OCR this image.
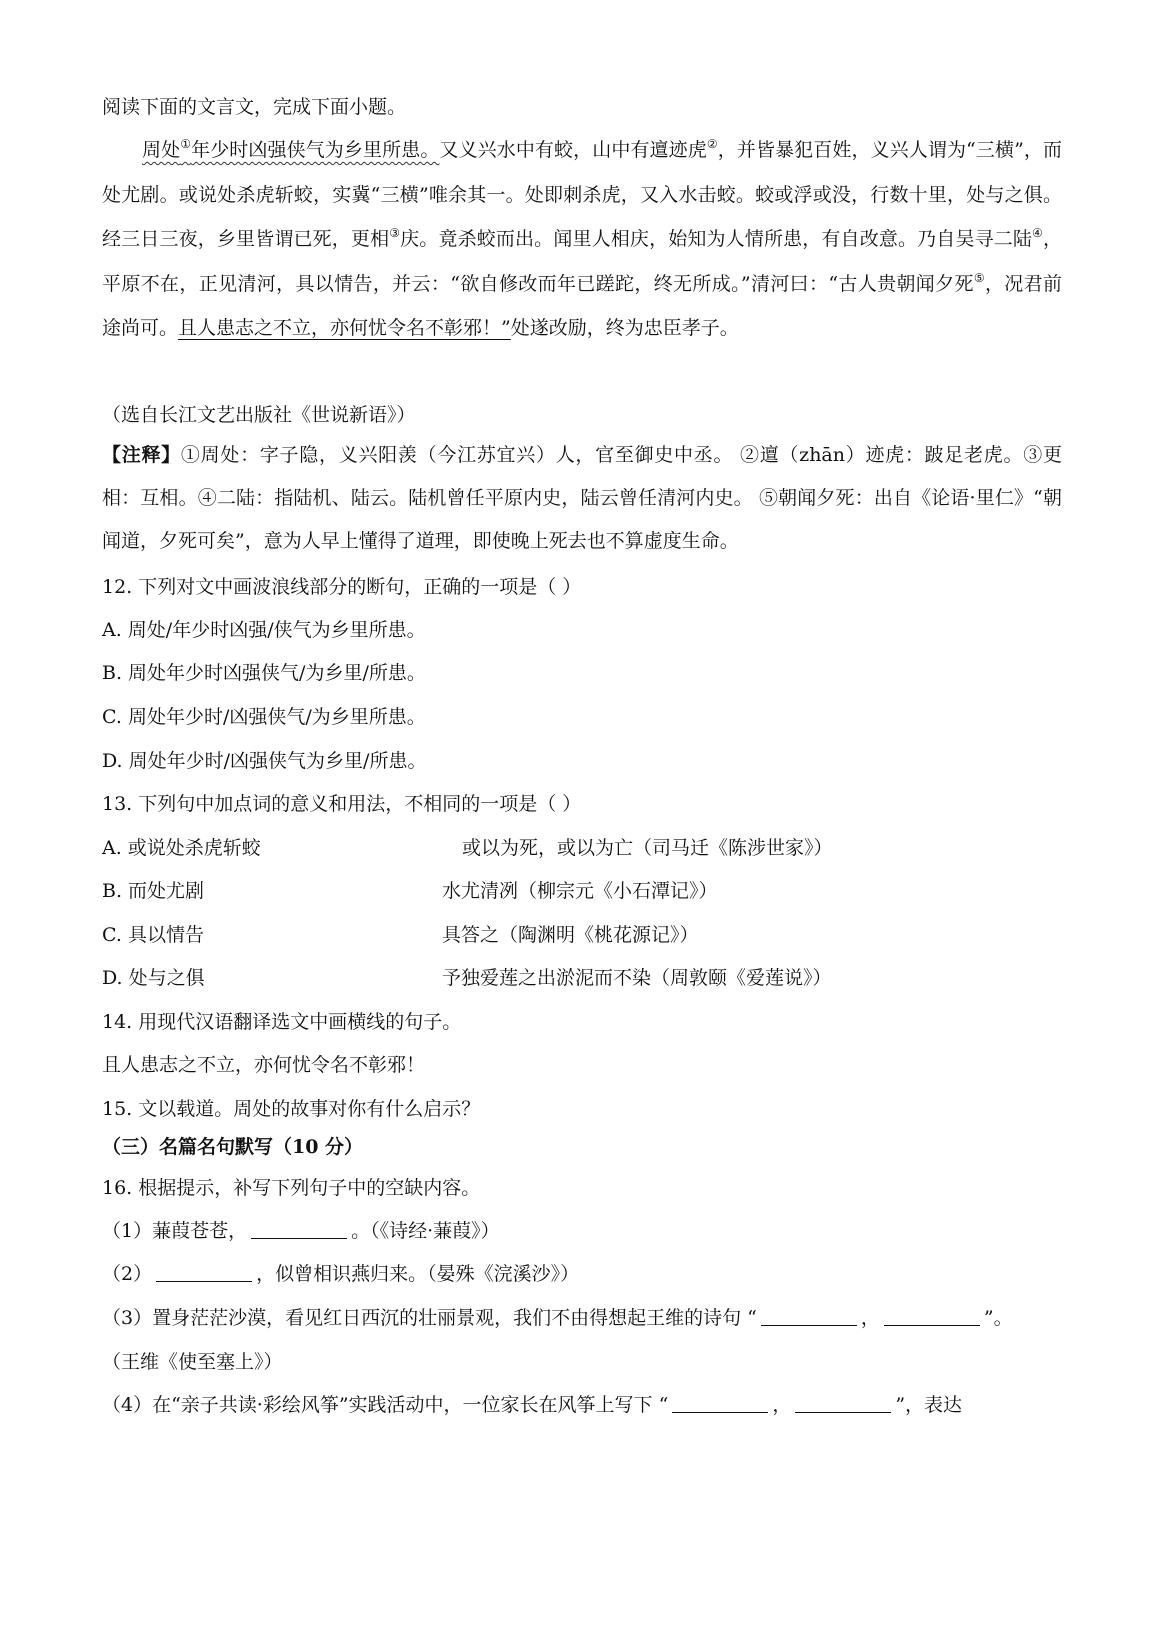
阅读下面的文言文，完成下面小题。

周处①年少时凶强侠气为乡里所患。又义兴水中有蛟，山中有邅迹虎②，并皆暴犯百姓，义兴人谓为“三横”，而处尤剧。或说处杀虎斩蛟，实冀“三横”唯余其一。处即刺杀虎，又入水击蛟。蛟或浮或没，行数十里，处与之俱。经三日三夜，乡里皆谓已死，更相③庆。竟杀蛟而出。闻里人相庆，始知为人情所患，有自改意。乃自吴寻二陆④，平原不在，正见清河，具以情告，并云：“欲自修改而年已蹉跎，终无所成。”清河曰：“古人贵朝闻夕死⑤，况君前途尚可。且人患志之不立，亦何忧令名不彰邪！”处遂改励，终为忠臣孝子。

（选自长江文艺出版社《世说新语》）

【注释】①周处：字子隐，义兴阳羡（今江苏宜兴）人，官至御史中丞。 ②邅（zhān）迹虎：跛足老虎。③更相：互相。④二陆：指陆机、陆云。陆机曾任平原内史，陆云曾任清河内史。 ⑤朝闻夕死：出自《论语·里仁》“朝闻道，夕死可矣”，意为人早上懂得了道理，即使晚上死去也不算虚度生命。

12. 下列对文中画波浪线部分的断句，正确的一项是（ ）
A. 周处/年少时凶强/侠气为乡里所患。
B. 周处年少时凶强侠气/为乡里/所患。
C. 周处年少时/凶强侠气/为乡里所患。
D. 周处年少时/凶强侠气为乡里/所患。
13. 下列句中加点词的意义和用法，不相同的一项是（ ）
A. 或说处杀虎斩蛟	或以为死，或以为亡（司马迁《陈涉世家》）
B. 而处尤剧	水尤清冽（柳宗元《小石潭记》）
C. 具以情告	具答之（陶渊明《桃花源记》）
D. 处与之俱	予独爱莲之出淤泥而不染（周敦颐《爱莲说》）
14. 用现代汉语翻译选文中画横线的句子。
且人患志之不立，亦何忧令名不彰邪！
15. 文以载道。周处的故事对你有什么启示？
（三）名篇名句默写（10 分）
16. 根据提示，补写下列句子中的空缺内容。
（1）蒹葭苍苍，	。（《诗经·蒹葭》）
（2）	，似曾相识燕归来。（晏殊《浣溪沙》）
（3）置身茫茫沙漠，看见红日西沉的壮丽景观，我们不由得想起王维的诗句 “	，	”。
（王维《使至塞上》）
（4）在“亲子共读·彩绘风筝”实践活动中，一位家长在风筝上写下 “	，	”，表达
